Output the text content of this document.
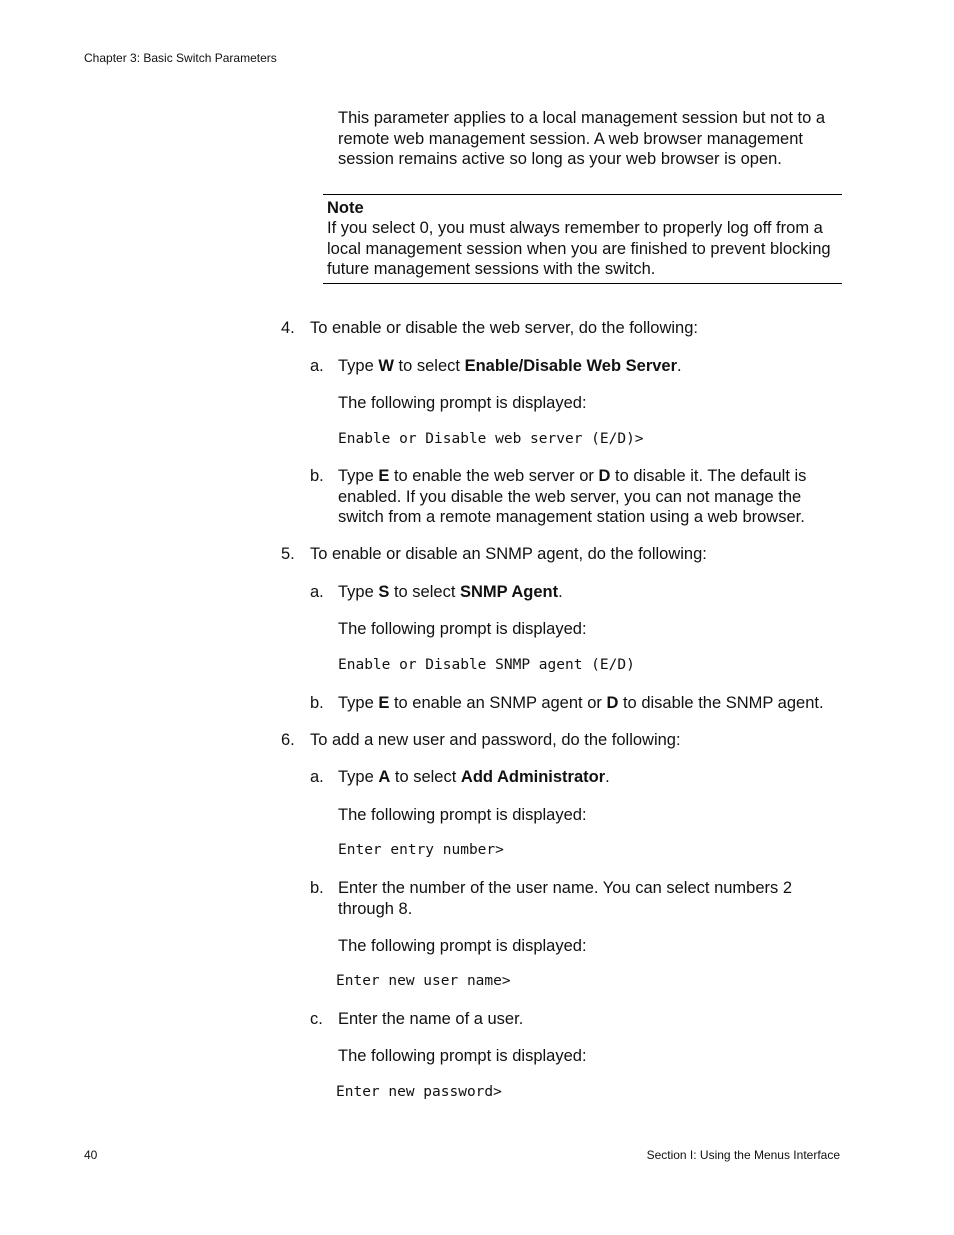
Chapter 3: Basic Switch Parameters
This parameter applies to a local management session but not to a remote web management session. A web browser management session remains active so long as your web browser is open.
Note
If you select 0, you must always remember to properly log off from a local management session when you are finished to prevent blocking future management sessions with the switch.
4. To enable or disable the web server, do the following:
a. Type W to select Enable/Disable Web Server.
The following prompt is displayed:
Enable or Disable web server (E/D)>
b. Type E to enable the web server or D to disable it. The default is enabled. If you disable the web server, you can not manage the switch from a remote management station using a web browser.
5. To enable or disable an SNMP agent, do the following:
a. Type S to select SNMP Agent.
The following prompt is displayed:
Enable or Disable SNMP agent (E/D)
b. Type E to enable an SNMP agent or D to disable the SNMP agent.
6. To add a new user and password, do the following:
a. Type A to select Add Administrator.
The following prompt is displayed:
Enter entry number>
b. Enter the number of the user name. You can select numbers 2 through 8.
The following prompt is displayed:
Enter new user name>
c. Enter the name of a user.
The following prompt is displayed:
Enter new password>
40	Section I: Using the Menus Interface
